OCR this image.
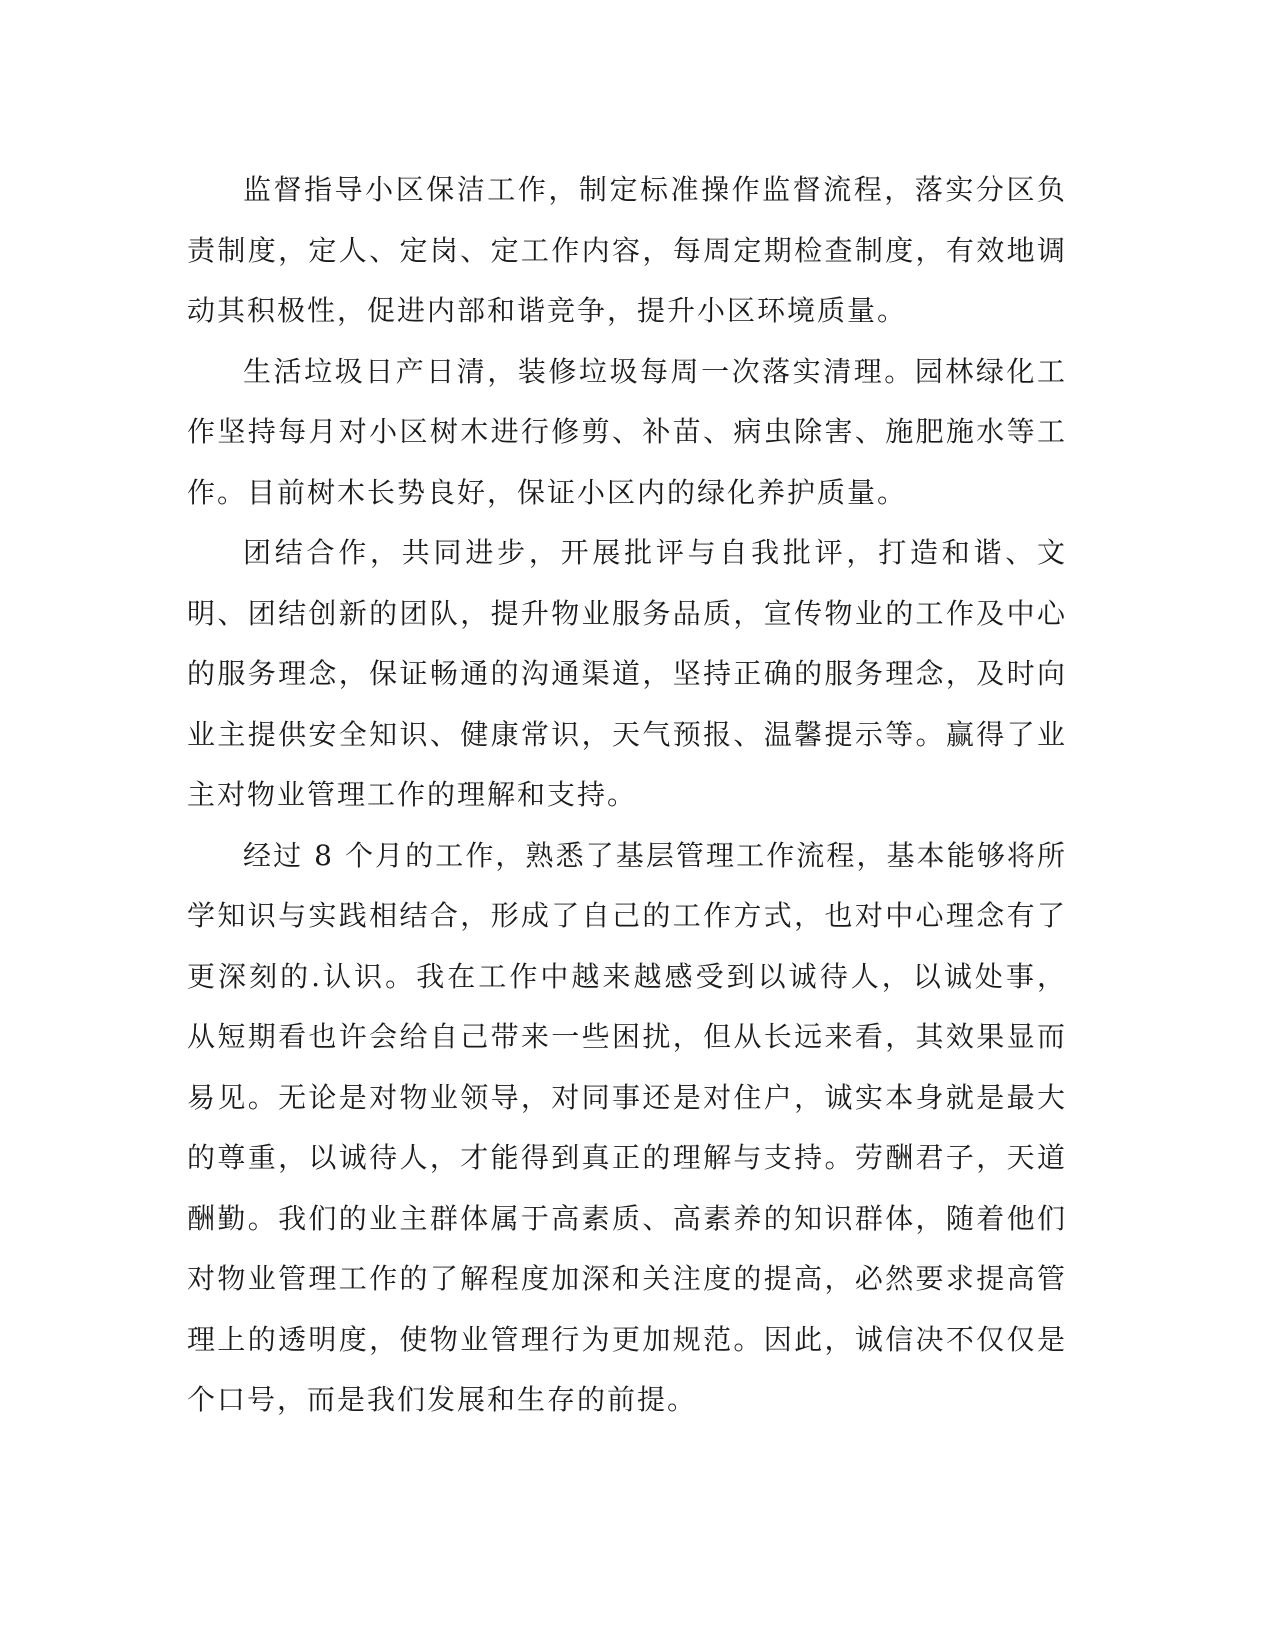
监督指导小区保洁工作，制定标准操作监督流程，落实分区负责制度，定人、定岗、定工作内容，每周定期检查制度，有效地调动其积极性，促进内部和谐竞争，提升小区环境质量。

生活垃圾日产日清，装修垃圾每周一次落实清理。园林绿化工作坚持每月对小区树木进行修剪、补苗、病虫除害、施肥施水等工作。目前树木长势良好，保证小区内的绿化养护质量。

团结合作，共同进步，开展批评与自我批评，打造和谐、文明、团结创新的团队，提升物业服务品质，宣传物业的工作及中心的服务理念，保证畅通的沟通渠道，坚持正确的服务理念，及时向业主提供安全知识、健康常识，天气预报、温馨提示等。赢得了业主对物业管理工作的理解和支持。

经过 8 个月的工作，熟悉了基层管理工作流程，基本能够将所学知识与实践相结合，形成了自己的工作方式，也对中心理念有了更深刻的.认识。我在工作中越来越感受到以诚待人，以诚处事，从短期看也许会给自己带来一些困扰，但从长远来看，其效果显而易见。无论是对物业领导，对同事还是对住户，诚实本身就是最大的尊重，以诚待人，才能得到真正的理解与支持。劳酬君子，天道酬勤。我们的业主群体属于高素质、高素养的知识群体，随着他们对物业管理工作的了解程度加深和关注度的提高，必然要求提高管理上的透明度，使物业管理行为更加规范。因此，诚信决不仅仅是个口号，而是我们发展和生存的前提。
